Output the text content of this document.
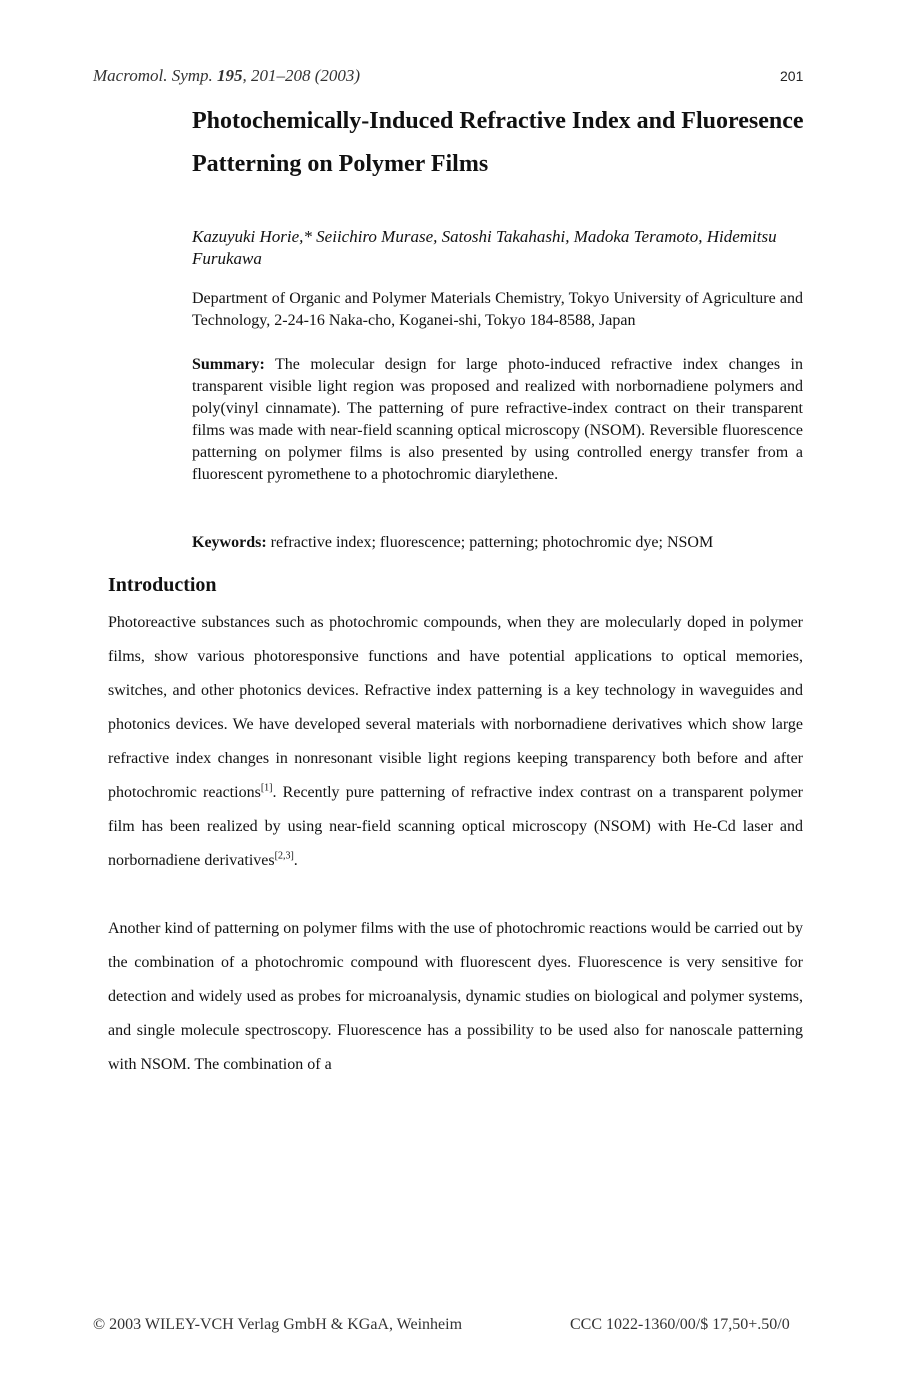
Macromol. Symp. 195, 201–208 (2003)	201
Photochemically-Induced Refractive Index and Fluoresence Patterning on Polymer Films
Kazuyuki Horie,* Seiichiro Murase, Satoshi Takahashi, Madoka Teramoto, Hidemitsu Furukawa
Department of Organic and Polymer Materials Chemistry, Tokyo University of Agriculture and Technology, 2-24-16 Naka-cho, Koganei-shi, Tokyo 184-8588, Japan
Summary: The molecular design for large photo-induced refractive index changes in transparent visible light region was proposed and realized with norbornadiene polymers and poly(vinyl cinnamate). The patterning of pure refractive-index contract on their transparent films was made with near-field scanning optical microscopy (NSOM). Reversible fluorescence patterning on polymer films is also presented by using controlled energy transfer from a fluorescent pyromethene to a photochromic diarylethene.
Keywords: refractive index; fluorescence; patterning; photochromic dye; NSOM
Introduction
Photoreactive substances such as photochromic compounds, when they are molecularly doped in polymer films, show various photoresponsive functions and have potential applications to optical memories, switches, and other photonics devices. Refractive index patterning is a key technology in waveguides and photonics devices. We have developed several materials with norbornadiene derivatives which show large refractive index changes in nonresonant visible light regions keeping transparency both before and after photochromic reactions[1]. Recently pure patterning of refractive index contrast on a transparent polymer film has been realized by using near-field scanning optical microscopy (NSOM) with He-Cd laser and norbornadiene derivatives[2,3].
Another kind of patterning on polymer films with the use of photochromic reactions would be carried out by the combination of a photochromic compound with fluorescent dyes. Fluorescence is very sensitive for detection and widely used as probes for microanalysis, dynamic studies on biological and polymer systems, and single molecule spectroscopy. Fluorescence has a possibility to be used also for nanoscale patterning with NSOM. The combination of a
© 2003 WILEY-VCH Verlag GmbH & KGaA, Weinheim	CCC 1022-1360/00/$ 17,50+.50/0
